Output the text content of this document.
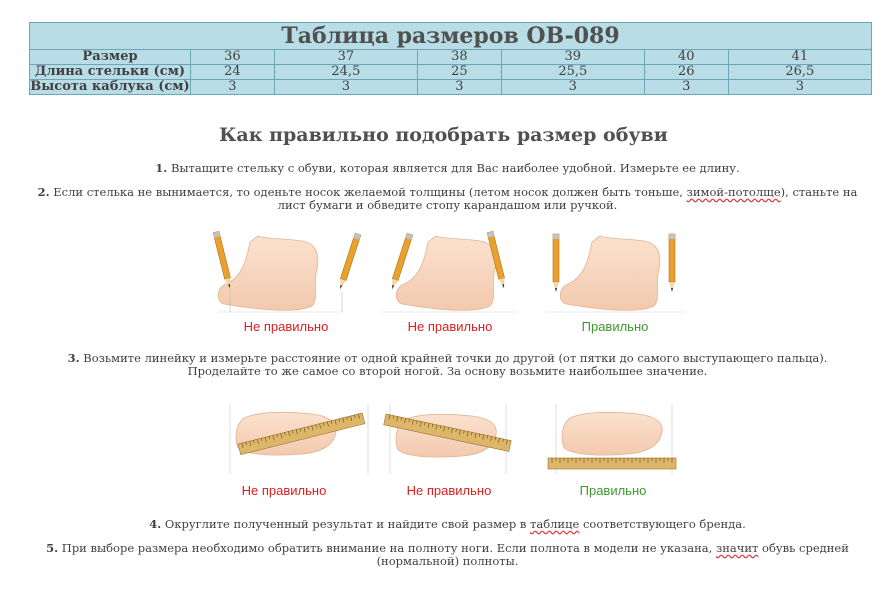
Таблица размеров OB-089						
Размер	36	37	38	39	40	41
Длина стельки (см)	24	24,5	25	25,5	26	26,5
Высота каблука (см)	3	3	3	3	3	3
Как правильно подобрать размер обуви

1. Вытащите стельку с обуви, которая является для Вас наиболее удобной. Измерьте ее длину.

2. Если стелька не вынимается, то оденьте носок желаемой толщины (летом носок должен быть тоньше, зимой-потолще), станьте на лист бумаги и обведите стопу карандашом или ручкой.

Не правильно	Не правильно	Правильно

3. Возьмите линейку и измерьте расстояние от одной крайней точки до другой (от пятки до самого выступающего пальца). Проделайте то же самое со второй ногой. За основу возьмите наибольшее значение.

Не правильно	Не правильно	Правильно

4. Округлите полученный результат и найдите свой размер в таблице соответствующего бренда.

5. При выборе размера необходимо обратить внимание на полноту ноги. Если полнота в модели не указана, значит обувь средней (нормальной) полноты.
